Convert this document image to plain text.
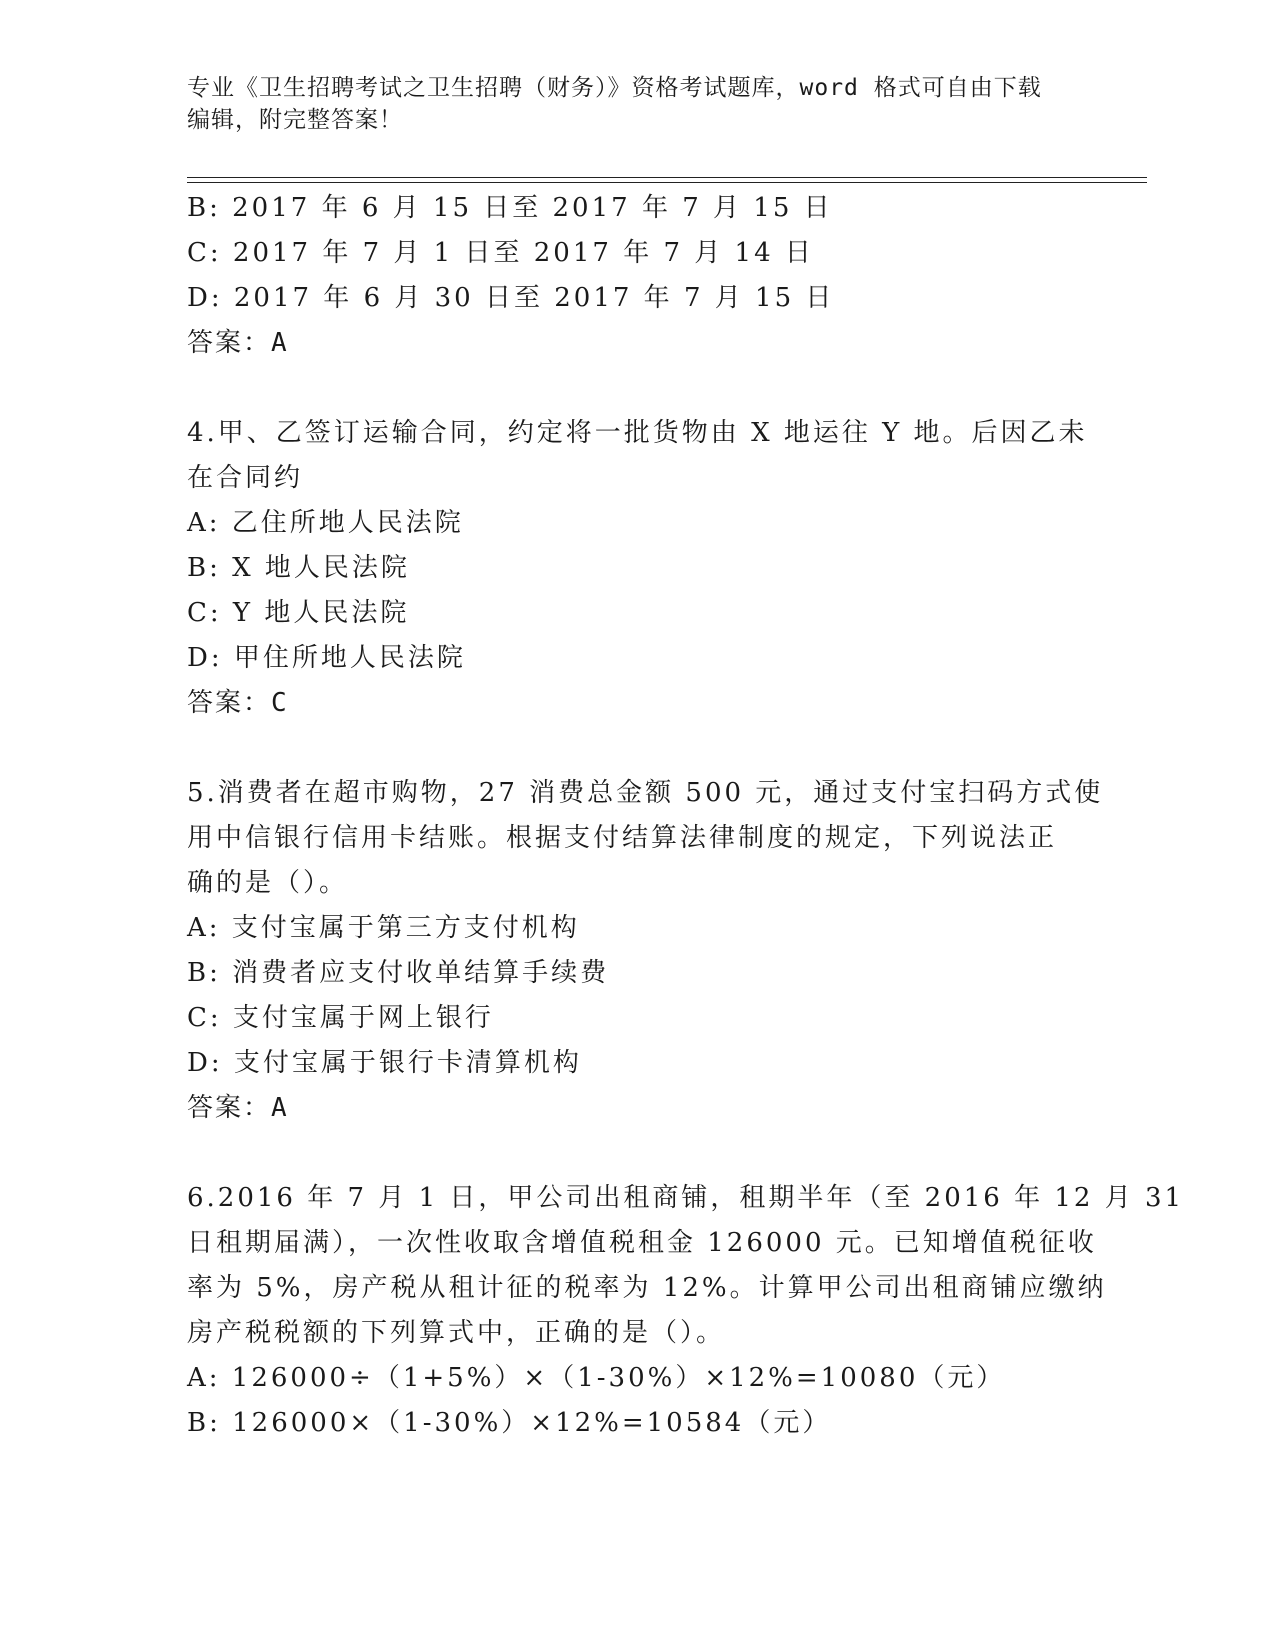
专业《卫生招聘考试之卫生招聘（财务）》资格考试题库，word 格式可自由下载
编辑，附完整答案！
B: 2017 年 6 月 15 日至 2017 年 7 月 15 日
C: 2017 年 7 月 1 日至 2017 年 7 月 14 日
D: 2017 年 6 月 30 日至 2017 年 7 月 15 日
答案：A
4.甲、乙签订运输合同，约定将一批货物由 X 地运往 Y 地。后因乙未
在合同约
A: 乙住所地人民法院
B: X 地人民法院
C: Y 地人民法院
D: 甲住所地人民法院
答案：C
5.消费者在超市购物，27 消费总金额 500 元，通过支付宝扫码方式使
用中信银行信用卡结账。根据支付结算法律制度的规定，下列说法正
确的是（）。
A: 支付宝属于第三方支付机构
B: 消费者应支付收单结算手续费
C: 支付宝属于网上银行
D: 支付宝属于银行卡清算机构
答案：A
6.2016 年 7 月 1 日，甲公司出租商铺，租期半年（至 2016 年 12 月 31
日租期届满），一次性收取含增值税租金 126000 元。已知增值税征收
率为 5%，房产税从租计征的税率为 12%。计算甲公司出租商铺应缴纳
房产税税额的下列算式中，正确的是（）。
A: 126000÷（1+5%）×（1-30%）×12%=10080（元）
B: 126000×（1-30%）×12%=10584（元）
